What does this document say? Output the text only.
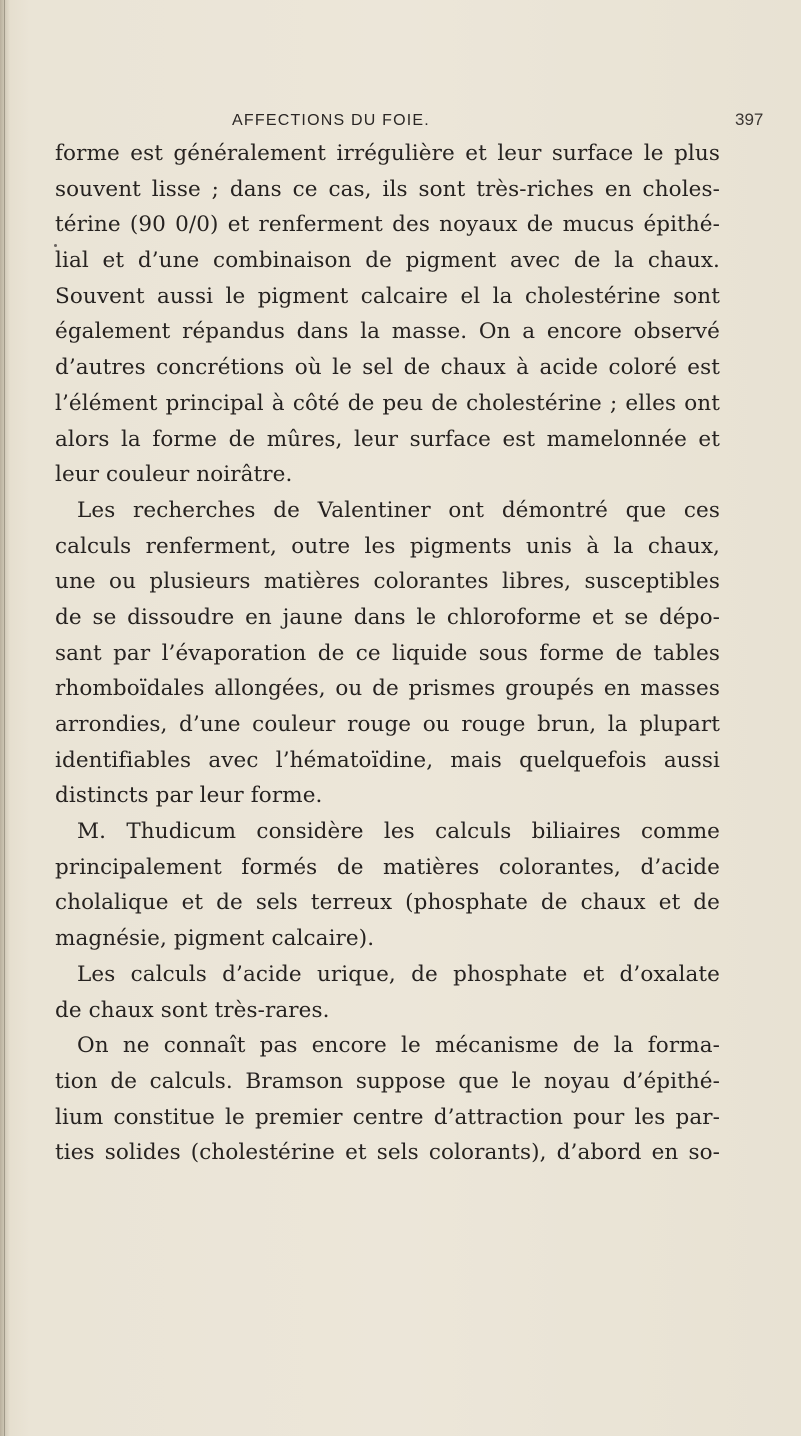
AFFECTIONS DU FOIE.	397
forme est généralement irrégulière et leur surface le plus
souvent lisse ; dans ce cas, ils sont très-riches en choles-
térine (90 0/0) et renferment des noyaux de mucus épithé-
lial et d’une combinaison de pigment avec de la chaux.
Souvent aussi le pigment calcaire el la cholestérine sont
également répandus dans la masse. On a encore observé
d’autres concrétions où le sel de chaux à acide coloré est
l’élément principal à côté de peu de cholestérine ; elles ont
alors la forme de mûres, leur surface est mamelonnée et
leur couleur noirâtre.
Les recherches de Valentiner ont démontré que ces
calculs renferment, outre les pigments unis à la chaux,
une ou plusieurs matières colorantes libres, susceptibles
de se dissoudre en jaune dans le chloroforme et se dépo-
sant par l’évaporation de ce liquide sous forme de tables
rhomboïdales allongées, ou de prismes groupés en masses
arrondies, d’une couleur rouge ou rouge brun, la plupart
identifiables avec l’hématoïdine, mais quelquefois aussi
distincts par leur forme.
M. Thudicum considère les calculs biliaires comme
principalement formés de matières colorantes, d’acide
cholalique et de sels terreux (phosphate de chaux et de
magnésie, pigment calcaire).
Les calculs d’acide urique, de phosphate et d’oxalate
de chaux sont très-rares.
On ne connaît pas encore le mécanisme de la forma-
tion de calculs. Bramson suppose que le noyau d’épithé-
lium constitue le premier centre d’attraction pour les par-
ties solides (cholestérine et sels colorants), d’abord en so-
